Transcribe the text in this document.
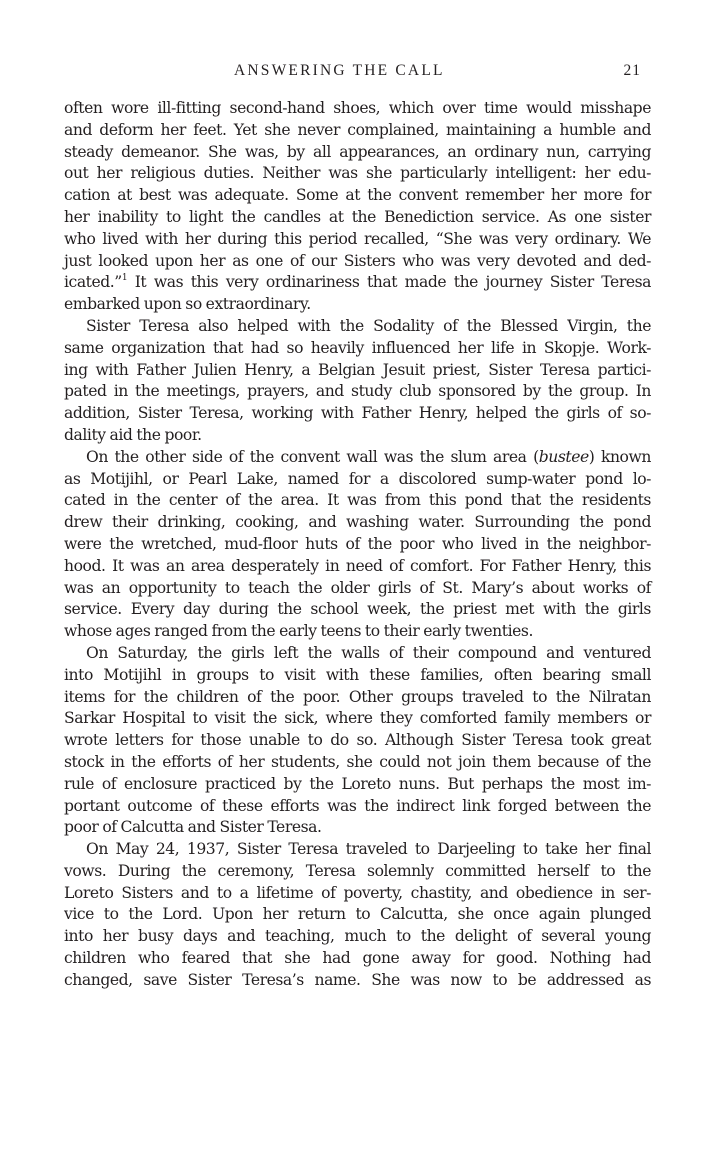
ANSWERING THE CALL	21
often wore ill-fitting second-hand shoes, which over time would misshape
and deform her feet. Yet she never complained, maintaining a humble and
steady demeanor. She was, by all appearances, an ordinary nun, carrying
out her religious duties. Neither was she particularly intelligent: her edu-
cation at best was adequate. Some at the convent remember her more for
her inability to light the candles at the Benediction service. As one sister
who lived with her during this period recalled, “She was very ordinary. We
just looked upon her as one of our Sisters who was very devoted and ded-
icated.”$^1$ It was this very ordinariness that made the journey Sister Teresa
embarked upon so extraordinary.
Sister Teresa also helped with the Sodality of the Blessed Virgin, the
same organization that had so heavily influenced her life in Skopje. Work-
ing with Father Julien Henry, a Belgian Jesuit priest, Sister Teresa partici-
pated in the meetings, prayers, and study club sponsored by the group. In
addition, Sister Teresa, working with Father Henry, helped the girls of so-
dality aid the poor.
On the other side of the convent wall was the slum area (bustee) known
as Motijihl, or Pearl Lake, named for a discolored sump-water pond lo-
cated in the center of the area. It was from this pond that the residents
drew their drinking, cooking, and washing water. Surrounding the pond
were the wretched, mud-floor huts of the poor who lived in the neighbor-
hood. It was an area desperately in need of comfort. For Father Henry, this
was an opportunity to teach the older girls of St. Mary’s about works of
service. Every day during the school week, the priest met with the girls
whose ages ranged from the early teens to their early twenties.
On Saturday, the girls left the walls of their compound and ventured
into Motijihl in groups to visit with these families, often bearing small
items for the children of the poor. Other groups traveled to the Nilratan
Sarkar Hospital to visit the sick, where they comforted family members or
wrote letters for those unable to do so. Although Sister Teresa took great
stock in the efforts of her students, she could not join them because of the
rule of enclosure practiced by the Loreto nuns. But perhaps the most im-
portant outcome of these efforts was the indirect link forged between the
poor of Calcutta and Sister Teresa.
On May 24, 1937, Sister Teresa traveled to Darjeeling to take her final
vows. During the ceremony, Teresa solemnly committed herself to the
Loreto Sisters and to a lifetime of poverty, chastity, and obedience in ser-
vice to the Lord. Upon her return to Calcutta, she once again plunged
into her busy days and teaching, much to the delight of several young
children who feared that she had gone away for good. Nothing had
changed, save Sister Teresa’s name. She was now to be addressed as
